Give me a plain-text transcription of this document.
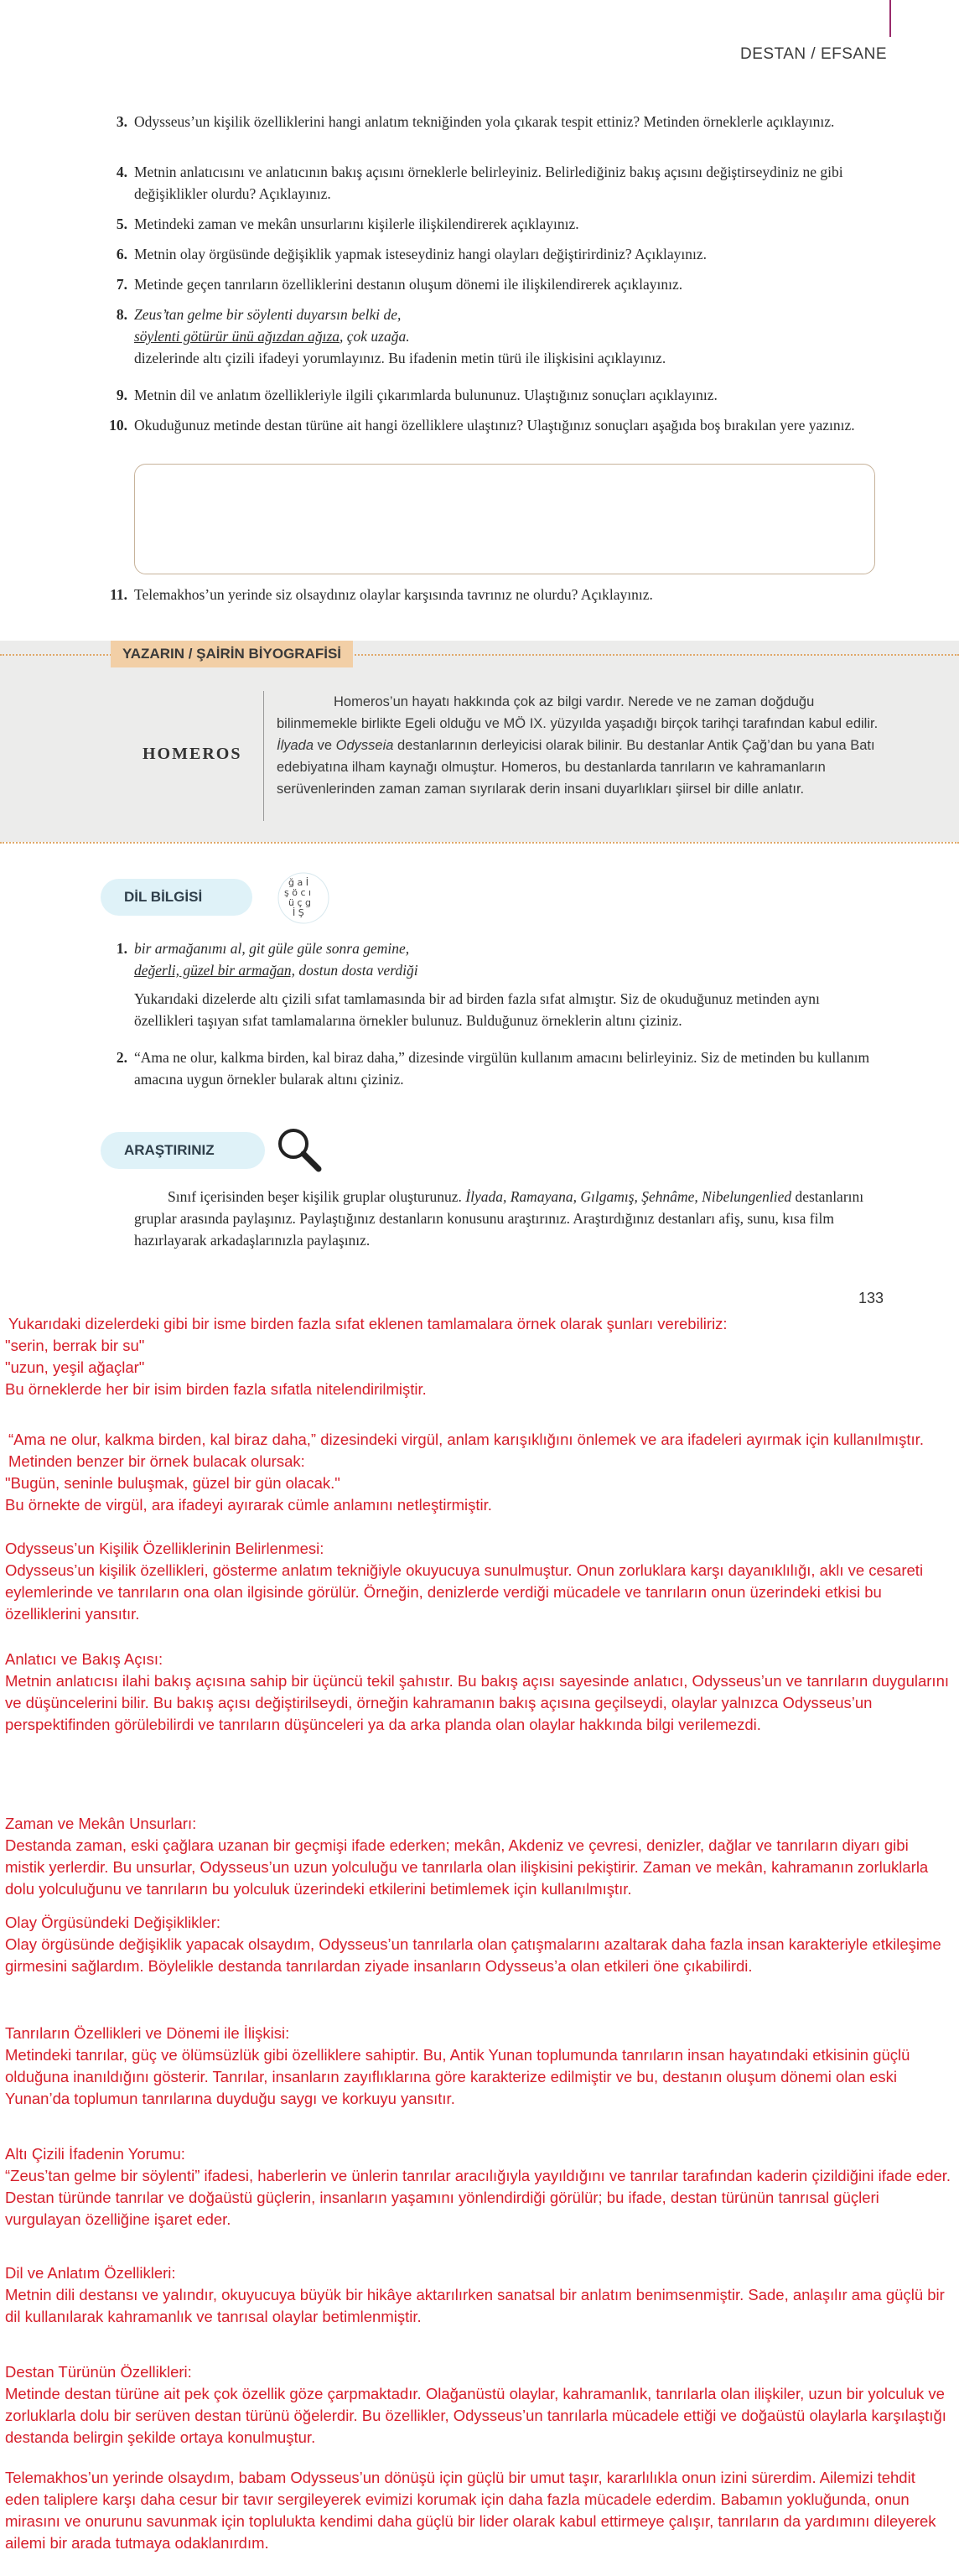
DESTAN / EFSANE
3. Odysseus’un kişilik özelliklerini hangi anlatım tekniğinden yola çıkarak tespit ettiniz? Metinden örneklerle açıklayınız.
4. Metnin anlatıcısını ve anlatıcının bakış açısını örneklerle belirleyiniz. Belirlediğiniz bakış açısını değiştirseydiniz ne gibi değişiklikler olurdu? Açıklayınız.
5. Metindeki zaman ve mekân unsurlarını kişilerle ilişkilendirerek açıklayınız.
6. Metnin olay örgüsünde değişiklik yapmak isteseydiniz hangi olayları değiştirirdiniz? Açıklayınız.
7. Metinde geçen tanrıların özelliklerini destanın oluşum dönemi ile ilişkilendirerek açıklayınız.
8. Zeus’tan gelme bir söylenti duyarsın belki de,
söylenti götürür ünü ağızdan ağıza, çok uzağa.
dizelerinde altı çizili ifadeyi yorumlayınız. Bu ifadenin metin türü ile ilişkisini açıklayınız.
9. Metnin dil ve anlatım özellikleriyle ilgili çıkarımlarda bulununuz. Ulaştığınız sonuçları açıklayınız.
10. Okuduğunuz metinde destan türüne ait hangi özelliklere ulaştınız? Ulaştığınız sonuçları aşağıda boş bırakılan yere yazınız.
11. Telemakhos’un yerinde siz olsaydınız olaylar karşısında tavrınız ne olurdu? Açıklayınız.
YAZARIN / ŞAİRİN BİYOGRAFİSİ
HOMEROS
Homeros’un hayatı hakkında çok az bilgi vardır. Nerede ve ne zaman doğduğu bilinmemekle birlikte Egeli olduğu ve MÖ IX. yüzyılda yaşadığı birçok tarihçi tarafından kabul edilir. İlyada ve Odysseia destanlarının derleyicisi olarak bilinir. Bu destanlar Antik Çağ’dan bu yana Batı edebiyatına ilham kaynağı olmuştur. Homeros, bu destanlarda tanrıların ve kahramanların serüvenlerinden zaman zaman sıyrılarak derin insani duyarlıkları şiirsel bir dille anlatır.
DİL BİLGİSİ
ğ a İ
ş ö c ı
ü ç g
İ Ş
1. bir armağanımı al, git güle güle sonra gemine,
değerli, güzel bir armağan, dostun dosta verdiği
Yukarıdaki dizelerde altı çizili sıfat tamlamasında bir ad birden fazla sıfat almıştır. Siz de okuduğunuz metinden aynı özellikleri taşıyan sıfat tamlamalarına örnekler bulunuz. Bulduğunuz örneklerin altını çiziniz.
2. “Ama ne olur, kalkma birden, kal biraz daha,” dizesinde virgülün kullanım amacını belirleyiniz. Siz de metinden bu kullanım amacına uygun örnekler bularak altını çiziniz.
ARAŞTIRINIZ
Sınıf içerisinden beşer kişilik gruplar oluşturunuz. İlyada, Ramayana, Gılgamış, Şehnâme, Nibelungenlied destanlarını gruplar arasında paylaşınız. Paylaştığınız destanların konusunu araştırınız. Araştırdığınız destanları afiş, sunu, kısa film hazırlayarak arkadaşlarınızla paylaşınız.
133
Yukarıdaki dizelerdeki gibi bir isme birden fazla sıfat eklenen tamlamalara örnek olarak şunları verebiliriz:
"serin, berrak bir su"
"uzun, yeşil ağaçlar"
Bu örneklerde her bir isim birden fazla sıfatla nitelendirilmiştir.
“Ama ne olur, kalkma birden, kal biraz daha,” dizesindeki virgül, anlam karışıklığını önlemek ve ara ifadeleri ayırmak için kullanılmıştır. Metinden benzer bir örnek bulacak olursak:
"Bugün, seninle buluşmak, güzel bir gün olacak."
Bu örnekte de virgül, ara ifadeyi ayırarak cümle anlamını netleştirmiştir.
Odysseus’un Kişilik Özelliklerinin Belirlenmesi:
Odysseus’un kişilik özellikleri, gösterme anlatım tekniğiyle okuyucuya sunulmuştur. Onun zorluklara karşı dayanıklılığı, aklı ve cesareti eylemlerinde ve tanrıların ona olan ilgisinde görülür. Örneğin, denizlerde verdiği mücadele ve tanrıların onun üzerindeki etkisi bu özelliklerini yansıtır.
Anlatıcı ve Bakış Açısı:
Metnin anlatıcısı ilahi bakış açısına sahip bir üçüncü tekil şahıstır. Bu bakış açısı sayesinde anlatıcı, Odysseus’un ve tanrıların duygularını ve düşüncelerini bilir. Bu bakış açısı değiştirilseydi, örneğin kahramanın bakış açısına geçilseydi, olaylar yalnızca Odysseus’un perspektifinden görülebilirdi ve tanrıların düşünceleri ya da arka planda olan olaylar hakkında bilgi verilemezdi.
Zaman ve Mekân Unsurları:
Destanda zaman, eski çağlara uzanan bir geçmişi ifade ederken; mekân, Akdeniz ve çevresi, denizler, dağlar ve tanrıların diyarı gibi mistik yerlerdir. Bu unsurlar, Odysseus’un uzun yolculuğu ve tanrılarla olan ilişkisini pekiştirir. Zaman ve mekân, kahramanın zorluklarla dolu yolculuğunu ve tanrıların bu yolculuk üzerindeki etkilerini betimlemek için kullanılmıştır.
Olay Örgüsündeki Değişiklikler:
Olay örgüsünde değişiklik yapacak olsaydım, Odysseus’un tanrılarla olan çatışmalarını azaltarak daha fazla insan karakteriyle etkileşime girmesini sağlardım. Böylelikle destanda tanrılardan ziyade insanların Odysseus’a olan etkileri öne çıkabilirdi.
Tanrıların Özellikleri ve Dönemi ile İlişkisi:
Metindeki tanrılar, güç ve ölümsüzlük gibi özelliklere sahiptir. Bu, Antik Yunan toplumunda tanrıların insan hayatındaki etkisinin güçlü olduğuna inanıldığını gösterir. Tanrılar, insanların zayıflıklarına göre karakterize edilmiştir ve bu, destanın oluşum dönemi olan eski Yunan’da toplumun tanrılarına duyduğu saygı ve korkuyu yansıtır.
Altı Çizili İfadenin Yorumu:
“Zeus’tan gelme bir söylenti” ifadesi, haberlerin ve ünlerin tanrılar aracılığıyla yayıldığını ve tanrılar tarafından kaderin çizildiğini ifade eder. Destan türünde tanrılar ve doğaüstü güçlerin, insanların yaşamını yönlendirdiği görülür; bu ifade, destan türünün tanrısal güçleri vurgulayan özelliğine işaret eder.
Dil ve Anlatım Özellikleri:
Metnin dili destansı ve yalındır, okuyucuya büyük bir hikâye aktarılırken sanatsal bir anlatım benimsenmiştir. Sade, anlaşılır ama güçlü bir dil kullanılarak kahramanlık ve tanrısal olaylar betimlenmiştir.
Destan Türünün Özellikleri:
Metinde destan türüne ait pek çok özellik göze çarpmaktadır. Olağanüstü olaylar, kahramanlık, tanrılarla olan ilişkiler, uzun bir yolculuk ve zorluklarla dolu bir serüven destan türünü öğelerdir. Bu özellikler, Odysseus’un tanrılarla mücadele ettiği ve doğaüstü olaylarla karşılaştığı destanda belirgin şekilde ortaya konulmuştur.
Telemakhos’un yerinde olsaydım, babam Odysseus’un dönüşü için güçlü bir umut taşır, kararlılıkla onun izini sürerdim. Ailemizi tehdit eden taliplere karşı daha cesur bir tavır sergileyerek evimizi korumak için daha fazla mücadele ederdim. Babamın yokluğunda, onun mirasını ve onurunu savunmak için toplulukta kendimi daha güçlü bir lider olarak kabul ettirmeye çalışır, tanrıların da yardımını dileyerek ailemi bir arada tutmaya odaklanırdım.
